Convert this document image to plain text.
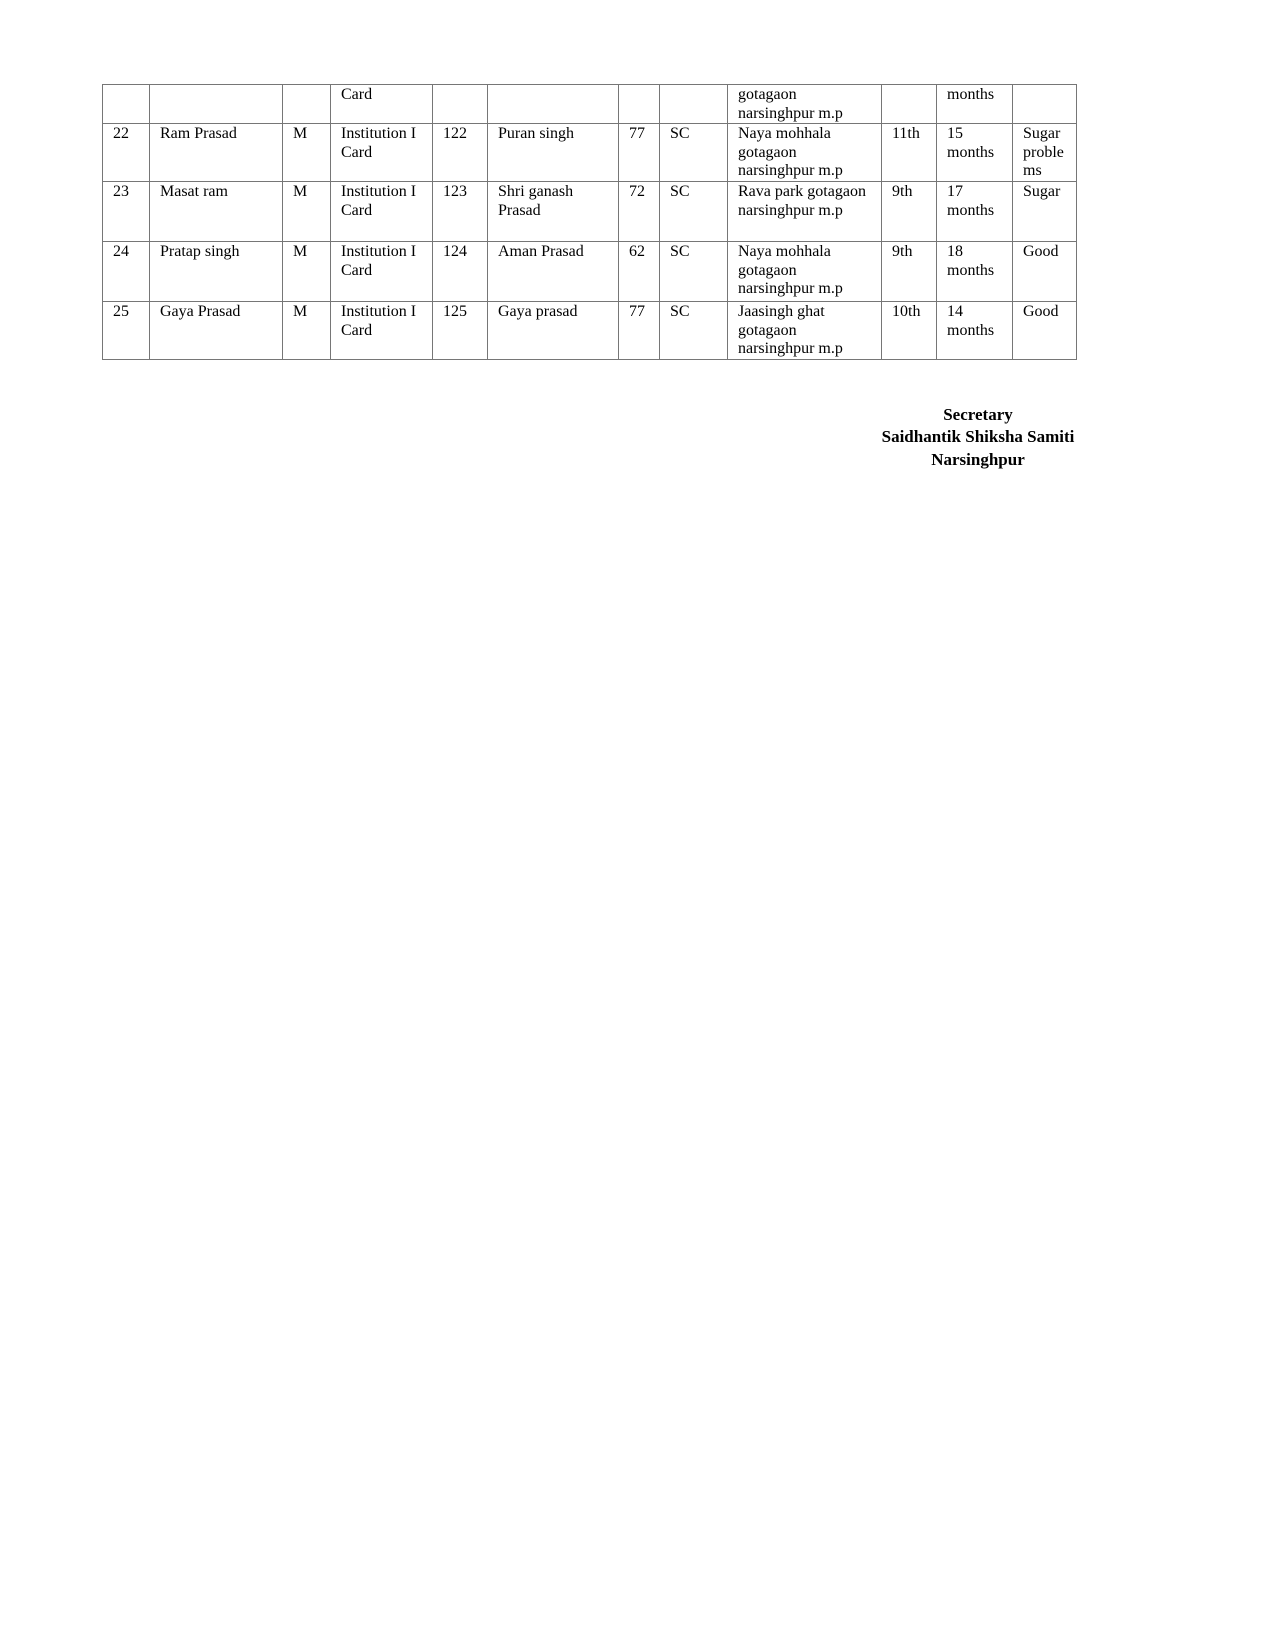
			Card					gotagaon narsinghpur m.p		months	
22	Ram Prasad	M	Institution I Card	122	Puran singh	77	SC	Naya mohhala gotagaon narsinghpur m.p	11th	15 months	Sugar problems
23	Masat ram	M	Institution I Card	123	Shri ganash Prasad	72	SC	Rava park gotagaon narsinghpur m.p	9th	17 months	Sugar
24	Pratap singh	M	Institution I Card	124	Aman Prasad	62	SC	Naya mohhala gotagaon narsinghpur m.p	9th	18 months	Good
25	Gaya Prasad	M	Institution I Card	125	Gaya prasad	77	SC	Jaasingh ghat gotagaon narsinghpur m.p	10th	14 months	Good
Secretary
Saidhantik Shiksha Samiti
Narsinghpur
